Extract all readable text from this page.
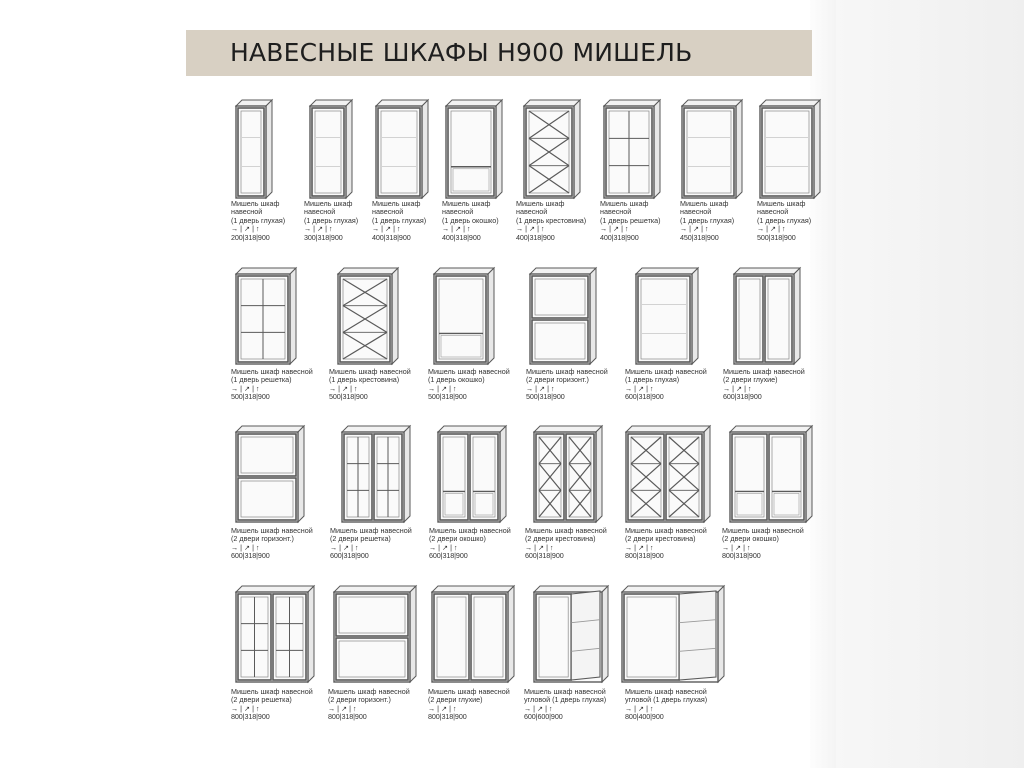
НАВЕСНЫЕ ШКАФЫ Н900 МИШЕЛЬ
Мишель шкаф
навесной
(1 дверь глухая)
→ | ↗ | ↑
200|318|900
Мишель шкаф
навесной
(1 дверь глухая)
→ | ↗ | ↑
300|318|900
Мишель шкаф
навесной
(1 дверь глухая)
→ | ↗ | ↑
400|318|900
Мишель шкаф
навесной
(1 дверь окошко)
→ | ↗ | ↑
400|318|900
Мишель шкаф
навесной
(1 дверь крестовина)
→ | ↗ | ↑
400|318|900
Мишель шкаф
навесной
(1 дверь решетка)
→ | ↗ | ↑
400|318|900
Мишель шкаф
навесной
(1 дверь глухая)
→ | ↗ | ↑
450|318|900
Мишель шкаф
навесной
(1 дверь глухая)
→ | ↗ | ↑
500|318|900
Мишель шкаф навесной
(1 дверь решетка)
→ | ↗ | ↑
500|318|900
Мишель шкаф навесной
(1 дверь крестовина)
→ | ↗ | ↑
500|318|900
Мишель шкаф навесной
(1 дверь окошко)
→ | ↗ | ↑
500|318|900
Мишель шкаф навесной
(2 двери горизонт.)
→ | ↗ | ↑
500|318|900
Мишель шкаф навесной
(1 дверь глухая)
→ | ↗ | ↑
600|318|900
Мишель шкаф навесной
(2 двери глухие)
→ | ↗ | ↑
600|318|900
Мишель шкаф навесной
(2 двери горизонт.)
→ | ↗ | ↑
600|318|900
Мишель шкаф навесной
(2 двери решетка)
→ | ↗ | ↑
600|318|900
Мишель шкаф навесной
(2 двери окошко)
→ | ↗ | ↑
600|318|900
Мишель шкаф навесной
(2 двери крестовина)
→ | ↗ | ↑
600|318|900
Мишель шкаф навесной
(2 двери крестовина)
→ | ↗ | ↑
800|318|900
Мишель шкаф навесной
(2 двери окошко)
→ | ↗ | ↑
800|318|900
Мишель шкаф навесной
(2 двери решетка)
→ | ↗ | ↑
800|318|900
Мишель шкаф навесной
(2 двери горизонт.)
→ | ↗ | ↑
800|318|900
Мишель шкаф навесной
(2 двери глухие)
→ | ↗ | ↑
800|318|900
Мишель шкаф навесной
угловой (1 дверь глухая)
→ | ↗ | ↑
600|600|900
Мишель шкаф навесной
угловой (1 дверь глухая)
→ | ↗ | ↑
800|400|900
